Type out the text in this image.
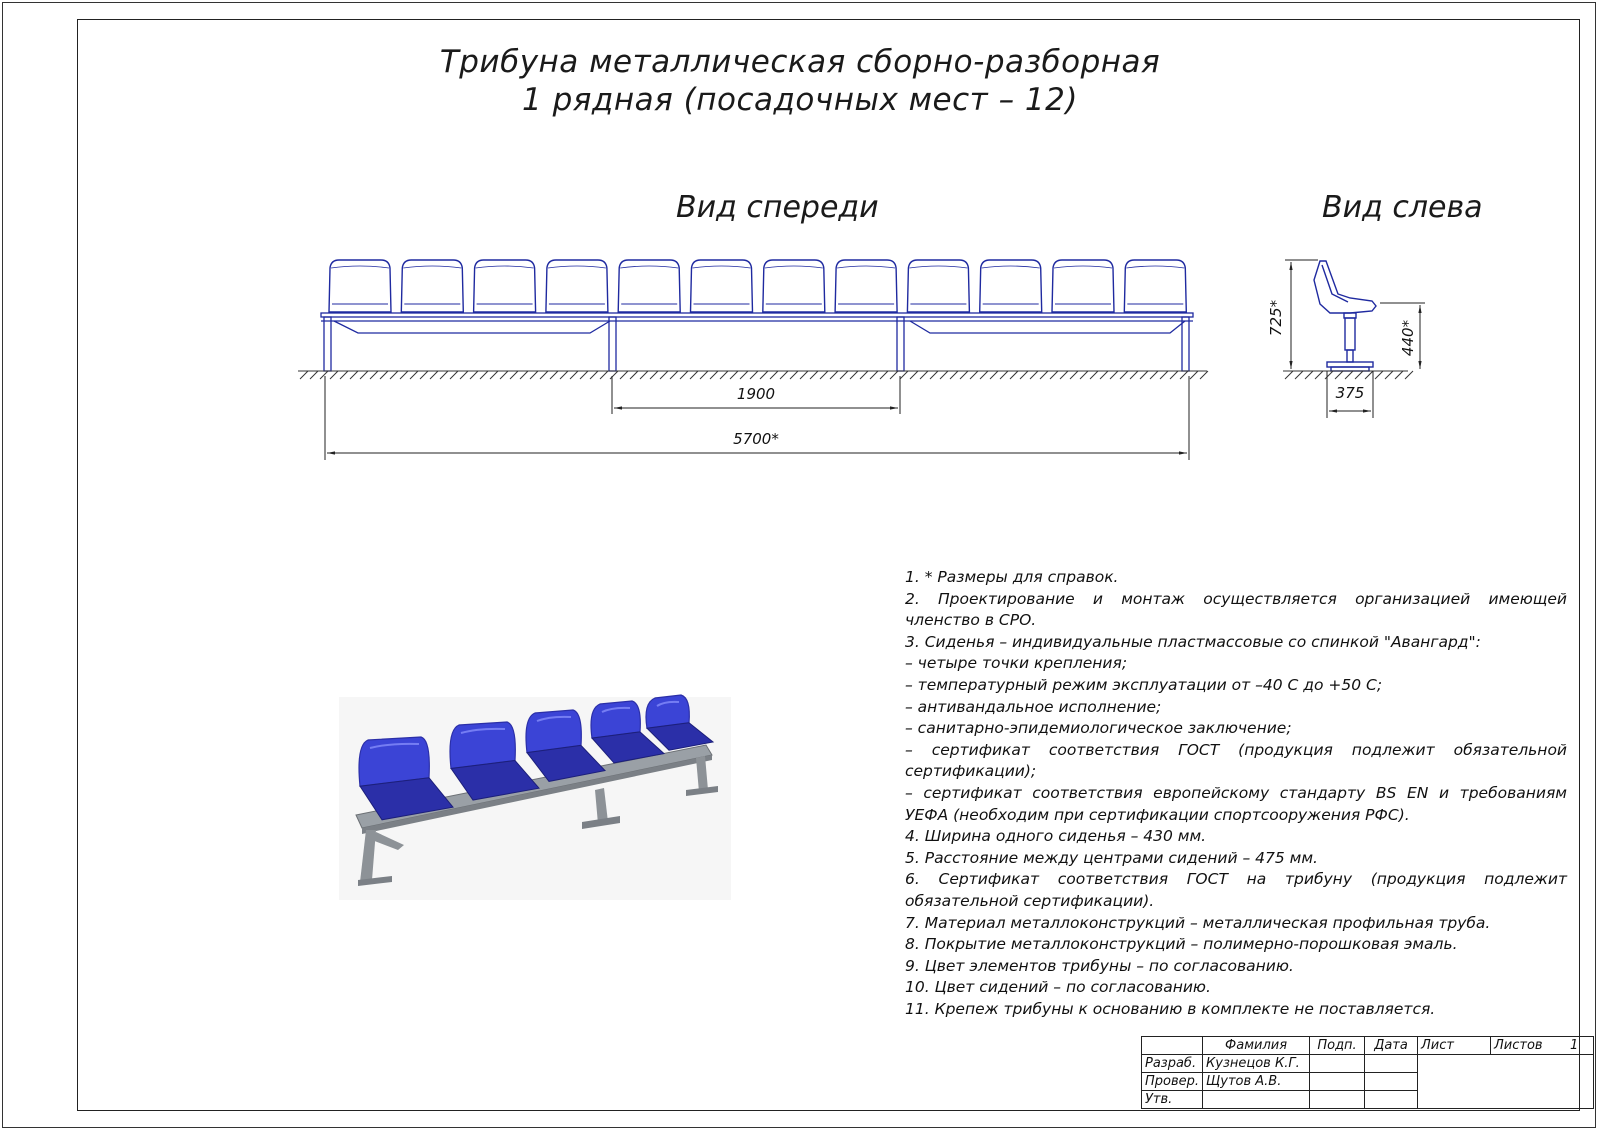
Трибуна металлическая сборно-разборная
1 рядная (посадочных мест – 12)
Вид спереди	Вид слева
1900
5700*
725*
440*
375
1. * Размеры для справок.
2. Проектирование и монтаж осуществляется организацией имеющей членство в СРО.
3. Сиденья – индивидуальные пластмассовые со спинкой "Авангард":
– четыре точки крепления;
– температурный режим эксплуатации от –40 С до +50 С;
– антивандальное исполнение;
– санитарно-эпидемиологическое заключение;
– сертификат соответствия ГОСТ (продукция подлежит обязательной сертификации);
– сертификат соответствия европейскому стандарту BS EN и требованиям УЕФА (необходим при сертификации спортсооружения РФС).
4. Ширина одного сиденья – 430 мм.
5. Расстояние между центрами сидений – 475 мм.
6. Сертификат соответствия ГОСТ на трибуну (продукция подлежит обязательной сертификации).
7. Материал металлоконструкций – металлическая профильная труба.
8. Покрытие металлоконструкций – полимерно-порошковая эмаль.
9. Цвет элементов трибуны – по согласованию.
10. Цвет сидений – по согласованию.
11. Крепеж трибуны к основанию в комплекте не поставляется.
	Фамилия	Подп.	Дата	Лист	Листов	1
Разраб.	Кузнецов К.Г.					
Провер.	Щутов А.В.					
Утв.						
